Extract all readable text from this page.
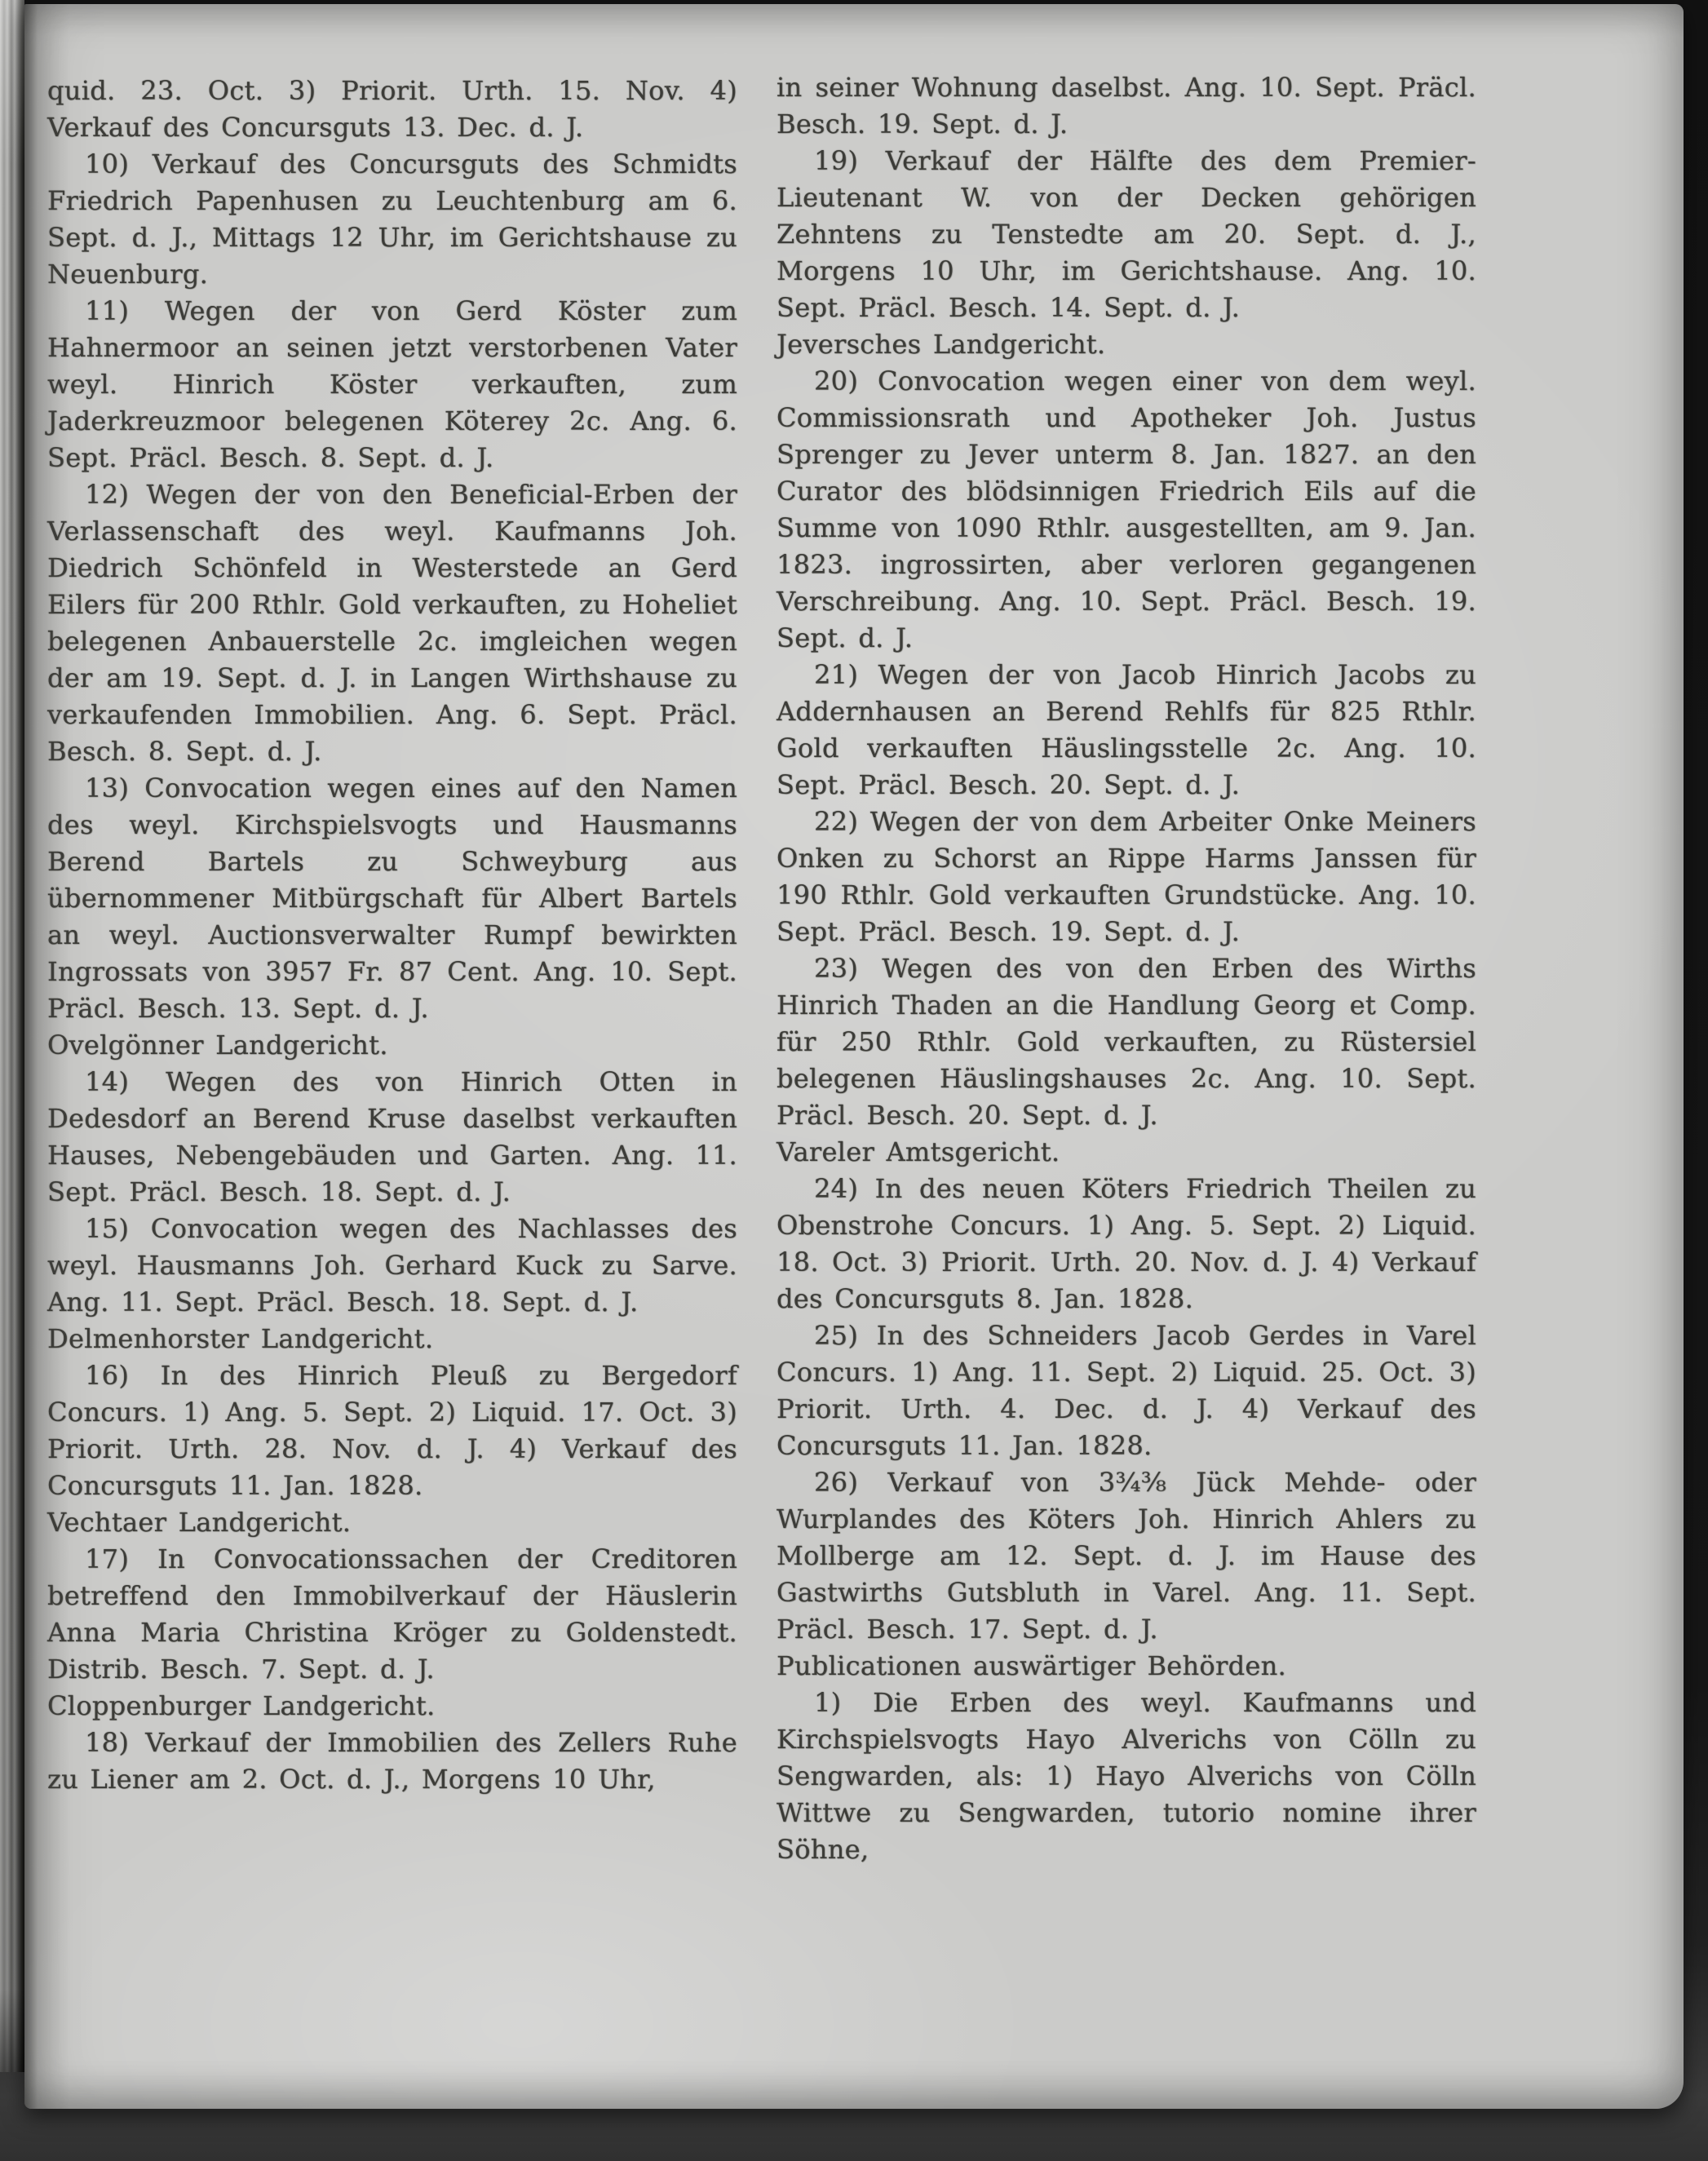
quid. 23. Oct. 3) Priorit. Urth. 15. Nov. 4) Verkauf des Concursguts 13. Dec. d. J.

10) Verkauf des Concursguts des Schmidts Friedrich Papenhusen zu Leuchtenburg am 6. Sept. d. J., Mittags 12 Uhr, im Gerichtshause zu Neuenburg.

11) Wegen der von Gerd Köster zum Hahnermoor an seinen jetzt verstorbenen Vater weyl. Hinrich Köster verkauften, zum Jaderkreuzmoor belegenen Köterey 2c. Ang. 6. Sept. Präcl. Besch. 8. Sept. d. J.

12) Wegen der von den Beneficial-Erben der Verlassenschaft des weyl. Kaufmanns Joh. Diedrich Schönfeld in Westerstede an Gerd Eilers für 200 Rthlr. Gold verkauften, zu Hoheliet belegenen Anbauerstelle 2c. imgleichen wegen der am 19. Sept. d. J. in Langen Wirthshause zu verkaufenden Immobilien. Ang. 6. Sept. Präcl. Besch. 8. Sept. d. J.

13) Convocation wegen eines auf den Namen des weyl. Kirchspielsvogts und Hausmanns Berend Bartels zu Schweyburg aus übernommener Mitbürgschaft für Albert Bartels an weyl. Auctionsverwalter Rumpf bewirkten Ingrossats von 3957 Fr. 87 Cent. Ang. 10. Sept. Präcl. Besch. 13. Sept. d. J.

Ovelgönner Landgericht.

14) Wegen des von Hinrich Otten in Dedesdorf an Berend Kruse daselbst verkauften Hauses, Nebengebäuden und Garten. Ang. 11. Sept. Präcl. Besch. 18. Sept. d. J.

15) Convocation wegen des Nachlasses des weyl. Hausmanns Joh. Gerhard Kuck zu Sarve. Ang. 11. Sept. Präcl. Besch. 18. Sept. d. J.

Delmenhorster Landgericht.

16) In des Hinrich Pleuß zu Bergedorf Concurs. 1) Ang. 5. Sept. 2) Liquid. 17. Oct. 3) Priorit. Urth. 28. Nov. d. J. 4) Verkauf des Concursguts 11. Jan. 1828.

Vechtaer Landgericht.

17) In Convocationssachen der Creditoren betreffend den Immobilverkauf der Häuslerin Anna Maria Christina Kröger zu Goldenstedt. Distrib. Besch. 7. Sept. d. J.

Cloppenburger Landgericht.

18) Verkauf der Immobilien des Zellers Ruhe zu Liener am 2. Oct. d. J., Morgens 10 Uhr,

in seiner Wohnung daselbst. Ang. 10. Sept. Präcl. Besch. 19. Sept. d. J.

19) Verkauf der Hälfte des dem Premier-Lieutenant W. von der Decken gehörigen Zehntens zu Tenstedte am 20. Sept. d. J., Morgens 10 Uhr, im Gerichtshause. Ang. 10. Sept. Präcl. Besch. 14. Sept. d. J.

Jeversches Landgericht.

20) Convocation wegen einer von dem weyl. Commissionsrath und Apotheker Joh. Justus Sprenger zu Jever unterm 8. Jan. 1827. an den Curator des blödsinnigen Friedrich Eils auf die Summe von 1090 Rthlr. ausgestellten, am 9. Jan. 1823. ingrossirten, aber verloren gegangenen Verschreibung. Ang. 10. Sept. Präcl. Besch. 19. Sept. d. J.

21) Wegen der von Jacob Hinrich Jacobs zu Addernhausen an Berend Rehlfs für 825 Rthlr. Gold verkauften Häuslingsstelle 2c. Ang. 10. Sept. Präcl. Besch. 20. Sept. d. J.

22) Wegen der von dem Arbeiter Onke Meiners Onken zu Schorst an Rippe Harms Janssen für 190 Rthlr. Gold verkauften Grundstücke. Ang. 10. Sept. Präcl. Besch. 19. Sept. d. J.

23) Wegen des von den Erben des Wirths Hinrich Thaden an die Handlung Georg et Comp. für 250 Rthlr. Gold verkauften, zu Rüstersiel belegenen Häuslingshauses 2c. Ang. 10. Sept. Präcl. Besch. 20. Sept. d. J.

Vareler Amtsgericht.

24) In des neuen Köters Friedrich Theilen zu Obenstrohe Concurs. 1) Ang. 5. Sept. 2) Liquid. 18. Oct. 3) Priorit. Urth. 20. Nov. d. J. 4) Verkauf des Concursguts 8. Jan. 1828.

25) In des Schneiders Jacob Gerdes in Varel Concurs. 1) Ang. 11. Sept. 2) Liquid. 25. Oct. 3) Priorit. Urth. 4. Dec. d. J. 4) Verkauf des Concursguts 11. Jan. 1828.

26) Verkauf von 3¾⅜ Jück Mehde- oder Wurplandes des Köters Joh. Hinrich Ahlers zu Mollberge am 12. Sept. d. J. im Hause des Gastwirths Gutsbluth in Varel. Ang. 11. Sept. Präcl. Besch. 17. Sept. d. J.

Publicationen auswärtiger Behörden.

1) Die Erben des weyl. Kaufmanns und Kirchspielsvogts Hayo Alverichs von Cölln zu Sengwarden, als: 1) Hayo Alverichs von Cölln Wittwe zu Sengwarden, tutorio nomine ihrer Söhne,
